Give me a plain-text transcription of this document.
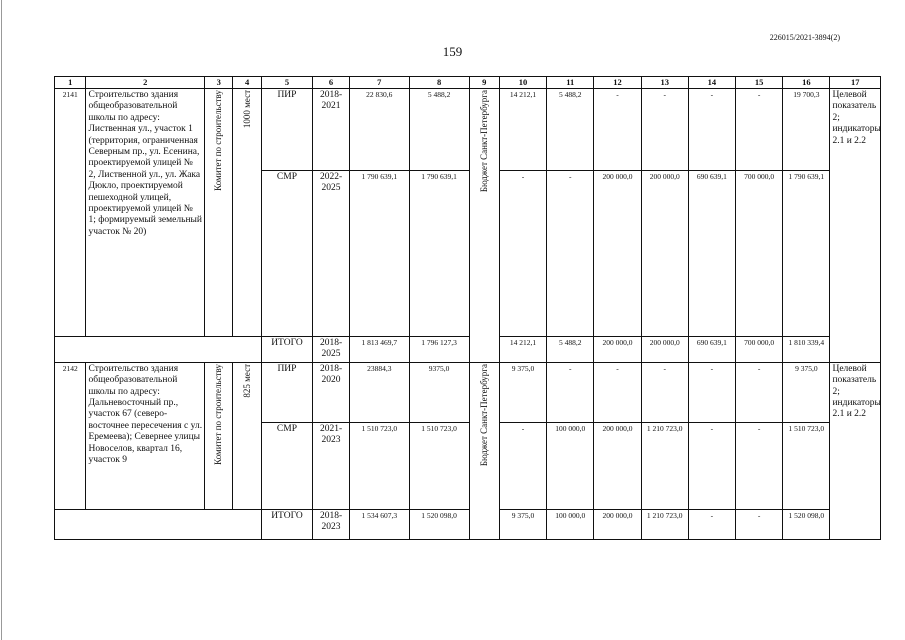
226015/2021-3894(2)
159
1	2	3	4	5	6	7	8	9	10	11	12	13	14	15	16	17
2141	Строительство здания общеобразовательной школы по адресу: Лиственная ул., участок 1 (территория, ограниченная Северным пр., ул. Есенина, проектируемой улицей № 2, Лиственной ул., ул. Жака Дюкло, проектируемой пешеходной улицей, проектируемой улицей № 1; формируемый земельный участок № 20)	Комитет по строительству	1000 мест	ПИР	2018-2021	22 830,6	5 488,2	Бюджет Санкт-Петербурга	14 212,1	5 488,2	-	-	-	-	19 700,3	Целевой показатель 2; индикаторы 2.1 и 2.2
				СМР	2022-2025	1 790 639,1	1 790 639,1		-	-	200 000,0	200 000,0	690 639,1	700 000,0	1 790 639,1	
				ИТОГО	2018-2025	1 813 469,7	1 796 127,3		14 212,1	5 488,2	200 000,0	200 000,0	690 639,1	700 000,0	1 810 339,4	
2142	Строительство здания общеобразовательной школы по адресу: Дальневосточный пр., участок 67 (северо-восточнее пересечения с ул. Еремеева); Севернее улицы Новоселов, квартал 16, участок 9	Комитет по строительству	825 мест	ПИР	2018-2020	23884,3	9375,0	Бюджет Санкт-Петербурга	9 375,0	-	-	-	-	-	9 375,0	Целевой показатель 2; индикаторы 2.1 и 2.2
				СМР	2021-2023	1 510 723,0	1 510 723,0		-	100 000,0	200 000,0	1 210 723,0	-	-	1 510 723,0	
				ИТОГО	2018-2023	1 534 607,3	1 520 098,0		9 375,0	100 000,0	200 000,0	1 210 723,0	-	-	1 520 098,0	
